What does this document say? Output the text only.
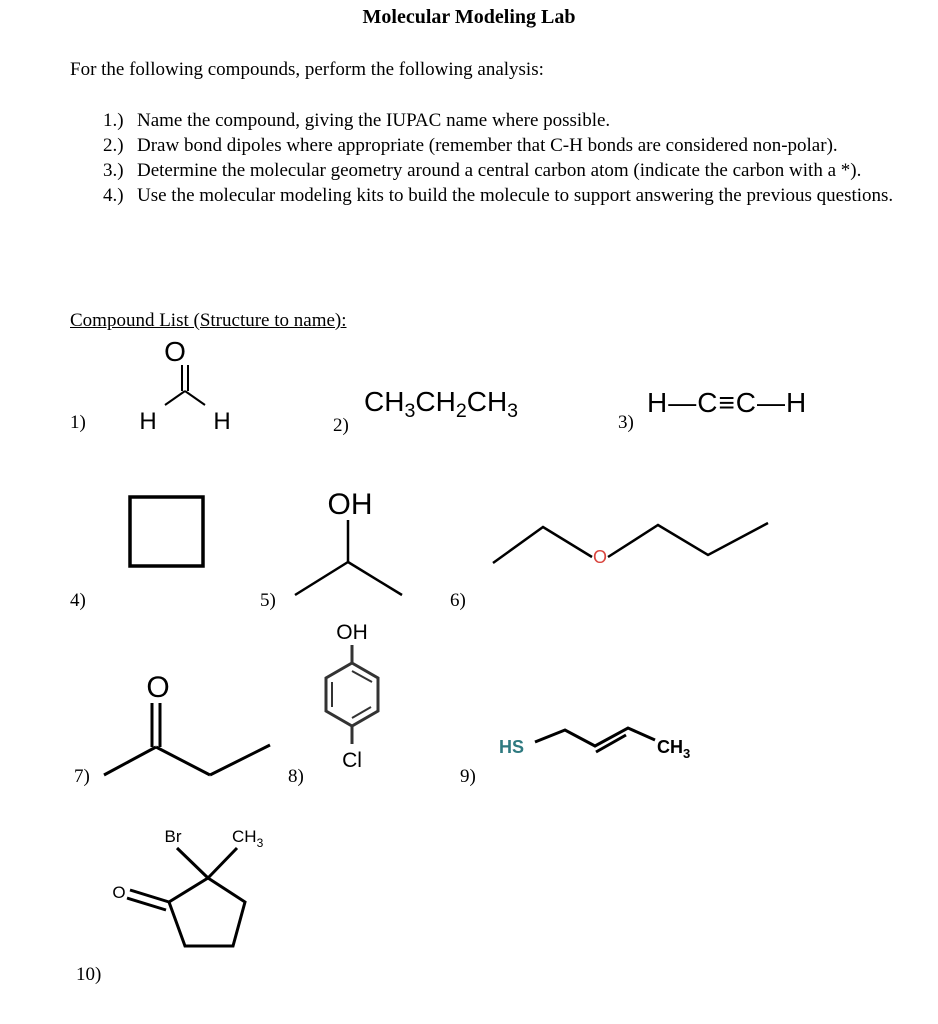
Molecular Modeling Lab
For the following compounds, perform the following analysis:
1.) Name the compound, giving the IUPAC name where possible.
2.) Draw bond dipoles where appropriate (remember that C-H bonds are considered non-polar).
3.) Determine the molecular geometry around a central carbon atom (indicate the carbon with a *).
4.) Use the molecular modeling kits to build the molecule to support answering the previous questions.
Compound List (Structure to name):
1)
O
H H	2)
$CH_3CH_2CH_3$
3)
H—C≡C—H
4)	5)
OH
6)
O
7)
O
8)
OH
Cl
9)
HS	$CH_3$
10)
Br	$CH_3$
O
